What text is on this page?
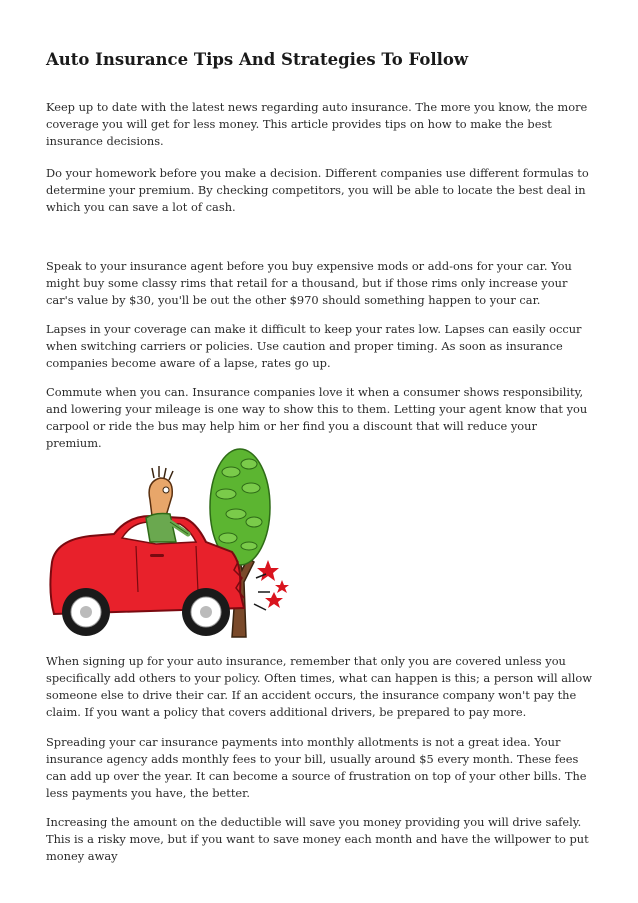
Auto Insurance Tips And Strategies To Follow

Keep up to date with the latest news regarding auto insurance. The more you know, the more coverage you will get for less money. This article provides tips on how to make the best insurance decisions.

Do your homework before you make a decision. Different companies use different formulas to determine your premium. By checking competitors, you will be able to locate the best deal in which you can save a lot of cash.

Speak to your insurance agent before you buy expensive mods or add-ons for your car. You might buy some classy rims that retail for a thousand, but if those rims only increase your car's value by $30, you'll be out the other $970 should something happen to your car.

Lapses in your coverage can make it difficult to keep your rates low. Lapses can easily occur when switching carriers or policies. Use caution and proper timing. As soon as insurance companies become aware of a lapse, rates go up.

Commute when you can. Insurance companies love it when a consumer shows responsibility, and lowering your mileage is one way to show this to them. Letting your agent know that you carpool or ride the bus may help him or her find you a discount that will reduce your premium.

When signing up for your auto insurance, remember that only you are covered unless you specifically add others to your policy. Often times, what can happen is this; a person will allow someone else to drive their car. If an accident occurs, the insurance company won't pay the claim. If you want a policy that covers additional drivers, be prepared to pay more.

Spreading your car insurance payments into monthly allotments is not a great idea. Your insurance agency adds monthly fees to your bill, usually around $5 every month. These fees can add up over the year. It can become a source of frustration on top of your other bills. The less payments you have, the better.

Increasing the amount on the deductible will save you money providing you will drive safely. This is a risky move, but if you want to save money each month and have the willpower to put money away
